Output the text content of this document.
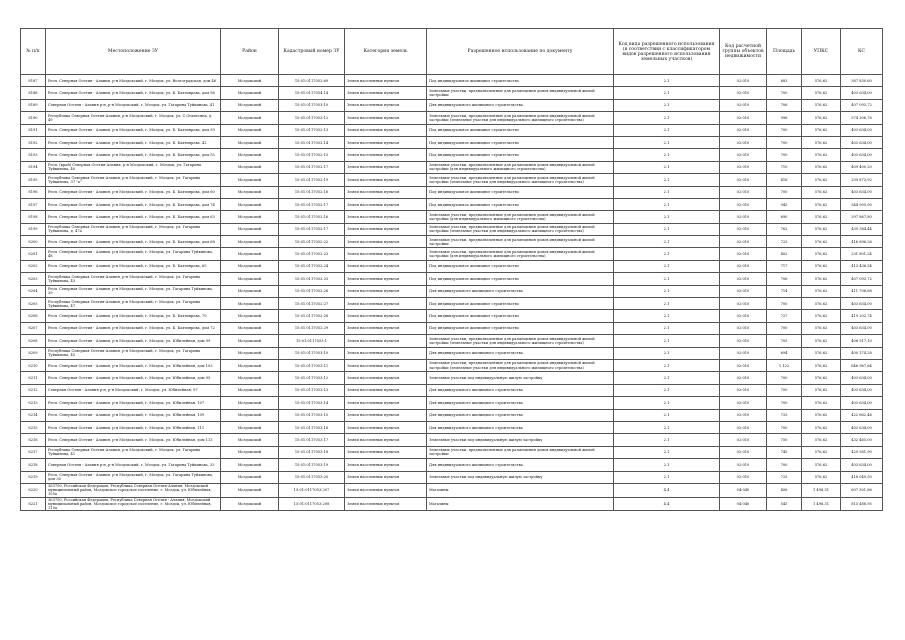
№ п/п	Местоположение ЗУ	Район	Кадастровый номер ЗУ	Категория земель	Разрешенное использование по документу	Код вида разрешенного использования (в соответствии с классификатором видов разрешенного использования земельных участков)	Код расчетной группы объектов недвижимости	Площадь	УПКС	КС
8187	Респ. Северная Осетия - Алания, р-н Моздокский, г. Моздок, ул. Волгоградская, дом 46	Моздокский	15:01:0117052:69	Земли населенных пунктов	Под индивидуальное жилищное строительство	2.1	02:010	683	576,62	387 830,60
8188	Респ. Северная Осетия - Алания, р-н Моздокский, г. Моздок, ул. Б. Бахтиярова, дом 56	Моздокский	15:01:0117054:14	Земли населенных пунктов	Земельные участки, предназначенные для размещения домов индивидуальной жилой застройки	2.1	02:010	700	576,62	403 634,00
8189	Северная Осетия - Алания р-н, р-н Моздокский, г. Моздок, ул. Гагарина Туйкинова, 41	Моздокский	15:01:0117053:10	Земли населенных пунктов	Для индивидуального жилищного строительства	2.1	02:010	706	576,62	407 093,72
8190	Республика Северная Осетия-Алания, р-н Моздокский, г. Моздок, ул. С.Оганесяна, д. 49	Моздокский	15:01:0117053:12	Земли населенных пунктов	Земельные участки, предназначенные для размещения домов индивидуальной жилой застройки (земельные участки для индивидуального жилищного строительства)	2.1	02:010	996	576,62	574 306,76
8191	Респ. Северная Осетия - Алания, р-н Моздокский, г. Моздок, ул. Б. Бахтиярова, дом 59	Моздокский	15:01:0117052:13	Земли населенных пунктов	Под индивидуальное жилищное строительство	2.1	02:010	700	576,62	403 634,00
8192	Респ. Северная Осетия - Алания, р-н Моздокский, г. Моздок, ул. Б. Бахтиярова, 42	Моздокский	15:01:0117052:14	Земли населенных пунктов	Под индивидуальное жилищное строительство	2.1	02:010	700	576,62	403 634,00
8193	Респ. Северная Осетия - Алания, р-н Моздокский, г. Моздок, ул. Б. Бахтиярова, дом 55	Моздокский	15:01:0117052:15	Земли населенных пунктов	Под индивидуальное жилищное строительство	2.1	02:010	700	576,62	403 634,00
8194	Респ. (край) Северная Осетия-Алания, р-н Моздокский, г. Моздок, ул. Гагарина Туйкинова, 40	Моздокский	15:01:0117052:17	Земли населенных пунктов	Земельные участки, предназначенные для размещения домов индивидуальной жилой застройки (для индивидуального жилищного строительства)	2.1	02:010	710	576,62	409 400,20
8195	Республика Северная Осетия-Алания, р-н Моздокский, г. Моздок, ул. Гагарина Туйкинова, 37 "а"	Моздокский	15:01:0117052:19	Земли населенных пунктов	Земельные участки, предназначенные для размещения домов индивидуальной жилой застройки (земельные участки для индивидуального жилищного строительства)	2.1	02:010	416	576,62	239 873,92
8196	Респ. Северная Осетия - Алания, р-н Моздокский, г. Моздок, ул. Б. Бахтиярова, дом 60	Моздокский	15:01:0117052:16	Земли населенных пунктов	Под индивидуальное жилищное строительство	2.1	02:010	700	576,62	403 634,00
8197	Респ. Северная Осетия - Алания, р-н Моздокский, г. Моздок, ул. Б. Бахтиярова, дом 74	Моздокский	15:01:0117052:17	Земли населенных пунктов	Под индивидуальное жилищное строительство	2.1	02:010	945	576,62	544 905,90
8198	Респ. Северная Осетия - Алания, р-н Моздокский, г. Моздок, ул. Б. Бахтиярова, дом 63	Моздокский	15:01:0117052:16	Земли населенных пунктов	Земельные участки, предназначенные для размещения домов индивидуальной жилой застройки (для индивидуального жилищного строительства)	2.1	02:010	690	576,62	397 867,80
8199	Республика Северная Осетия-Алания, р-н Моздокский, г. Моздок, ул. Гагарина Туйкинова, д. 47а	Моздокский	15:01:0117052:17	Земли населенных пунктов	Земельные участки, предназначенные для размещения домов индивидуальной жилой застройки (земельные участки для индивидуального жилищного строительства)	2.1	02:010	762	576,62	439 384,44
8200	Респ. Северная Осетия - Алания, р-н Моздокский, г. Моздок, ул. Б. Бахтиярова, дом 68	Моздокский	15:01:0117052:22	Земли населенных пунктов	Земельные участки, предназначенные для размещения домов индивидуальной жилой застройки	2.1	02:010	723	576,62	416 896,26
8201	Респ. Северная Осетия - Алания, р-н Моздокский, г. Моздок, ул. Гагарина Туйкинова, 48	Моздокский	15:01:0117052:23	Земли населенных пунктов	Земельные участки, предназначенные для размещения домов индивидуальной жилой застройки (для индивидуального жилищного строительства)	2.1	02:010	402	576,62	231 801,24
8202	Респ. Северная Осетия - Алания, р-н Моздокский, г. Моздок, ул. Б. Бахтиярова, 65	Моздокский	15:01:0117052:24	Земли населенных пунктов	Под индивидуальное жилищное строительство	2.1	02:010	717	576,62	413 436,54
8203	Республика Северная Осетия-Алания, р-н Моздокский, г. Моздок, ул. Гагарина Туйкинова, 43	Моздокский	15:01:0117052:25	Земли населенных пунктов	Под индивидуальное жилищное строительство	2.1	02:010	706	576,62	407 093,72
8204	Респ. Северная Осетия - Алания, р-н Моздокский, г. Моздок, ул. Гагарина Туйкинова, 39	Моздокский	15:01:0117052:26	Земли населенных пунктов	Для индивидуального жилищного строительства	2.1	02:010	714	576,62	411 706,68
8205	Республика Северная Осетия-Алания, р-н Моздокский, г. Моздок, ул. Гагарина Туйкинова, 47	Моздокский	15:01:0117052:27	Земли населенных пунктов	Под индивидуальное жилищное строительство	2.1	02:010	700	576,62	403 634,00
8206	Респ. Северная Осетия - Алания, р-н Моздокский, г. Моздок, ул. Б. Бахтиярова, 70	Моздокский	15:01:0117052:28	Земли населенных пунктов	Под индивидуальное жилищное строительство	2.1	02:010	727	576,62	419 202,74
8207	Респ. Северная Осетия - Алания, р-н Моздокский, г. Моздок, ул. Б. Бахтиярова, дом 72	Моздокский	15:01:0117052:29	Земли населенных пунктов	Под индивидуальное жилищное строительство	2.1	02:010	700	576,62	403 634,00
8208	Респ. Северная Осетия - Алания, р-н Моздокский, г. Моздок, ул. Юбилейная, дом 99	Моздокский	15:01:0117053:1	Земли населенных пунктов	Земельные участки, предназначенные для размещения домов индивидуальной жилой застройки (земельные участки для индивидуального жилищного строительства)	2.1	02:010	705	576,62	406 517,10
8209	Республика Северная Осетия-Алания, р-н Моздокский, г. Моздок, ул. Гагарина Туйкинова, 45	Моздокский	15:01:0117053:10	Земли населенных пунктов	Для индивидуального жилищного строительства	2.1	02:010	694	576,62	400 174,28
8210	Респ. Северная Осетия - Алания, р-н Моздокский, г. Моздок, ул. Юбилейная, дом 103	Моздокский	15:01:0117053:11	Земли населенных пунктов	Земельные участки, предназначенные для размещения домов индивидуальной жилой застройки (земельные участки для индивидуального жилищного строительства)	2.1	02:010	1 122	576,62	646 967,64
8211	Респ. Северная Осетия - Алания, р-н Моздокский, г. Моздок, ул. Юбилейная, дом 95	Моздокский	15:01:0117053:12	Земли населенных пунктов	Земельные участки под индивидуальную жилую застройку	2.1	02:010	700	576,62	403 634,00
8212	Северная Осетия - Алания р-н, р-н Моздокский, г. Моздок, ул. Юбилейная, 97	Моздокский	15:01:0117053:13	Земли населенных пунктов	Для индивидуального жилищного строительства	2.1	02:010	700	576,62	403 634,00
8213	Респ. Северная Осетия - Алания, р-н Моздокский, г. Моздок, ул. Юбилейная, 107	Моздокский	15:01:0117053:14	Земли населенных пунктов	Для индивидуального жилищного строительства	2.1	02:010	700	576,62	403 634,00
8214	Респ. Северная Осетия - Алания, р-н Моздокский, г. Моздок, ул. Юбилейная, 109	Моздокский	15:01:0117053:15	Земли населенных пунктов	Для индивидуального жилищного строительства	2.1	02:010	733	576,62	422 662,46
8215	Респ. Северная Осетия - Алания, р-н Моздокский, г. Моздок, ул. Юбилейная, 111	Моздокский	15:01:0117053:16	Земли населенных пунктов	Для индивидуального жилищного строительства	2.1	02:010	700	576,62	403 634,00
8216	Респ. Северная Осетия - Алания, р-н Моздокский, г. Моздок, ул. Юбилейная, дом 113	Моздокский	15:01:0117053:17	Земли населенных пунктов	Земельные участки под индивидуальную жилую застройку	2.1	02:010	750	576,62	432 465,00
8217	Республика Северная Осетия-Алания, р-н Моздокский, г. Моздок, ул. Гагарина Туйкинова, 41	Моздокский	15:01:0117053:18	Земли населенных пунктов	Земельные участки, предназначенные для размещения домов индивидуальной жилой застройки	2.1	02:010	745	576,62	429 581,90
8218	Северная Осетия - Алания р-н, р-н Моздокский, г. Моздок, ул. Гагарина Туйкинова, 33	Моздокский	15:01:0117053:19	Земли населенных пунктов	Для индивидуального жилищного строительства	2.1	02:010	700	576,62	403 634,00
8219	Респ. Северная Осетия - Алания, р-н Моздокский, г. Моздок, ул. Гагарина Туйкинова, дом 35	Моздокский	15:01:0117053:20	Земли населенных пунктов	Земельные участки под индивидуальную жилую застройку	2.1	02:010	725	576,62	418 049,50
8220	363750, Российская Федерация, Республика Северная Осетия-Алания, Моздокский муниципальный район, Моздокское городское поселение, г. Моздок, ул. Юбилейная, 105а	Моздокский	15:01:0117053:207	Земли населенных пунктов	Магазины	4.4	04:040	406	1 496,31	607 501,86
8221	363750, Российская Федерация, Республика Северная Осетия - Алания, Моздокский муниципальный район, Моздокское городское поселение, г. Моздок, ул. Юбилейная, 110а	Моздокский	15:01:0117053:208	Земли населенных пунктов	Магазины	4.4	04:040	545	1 496,31	815 488,95
